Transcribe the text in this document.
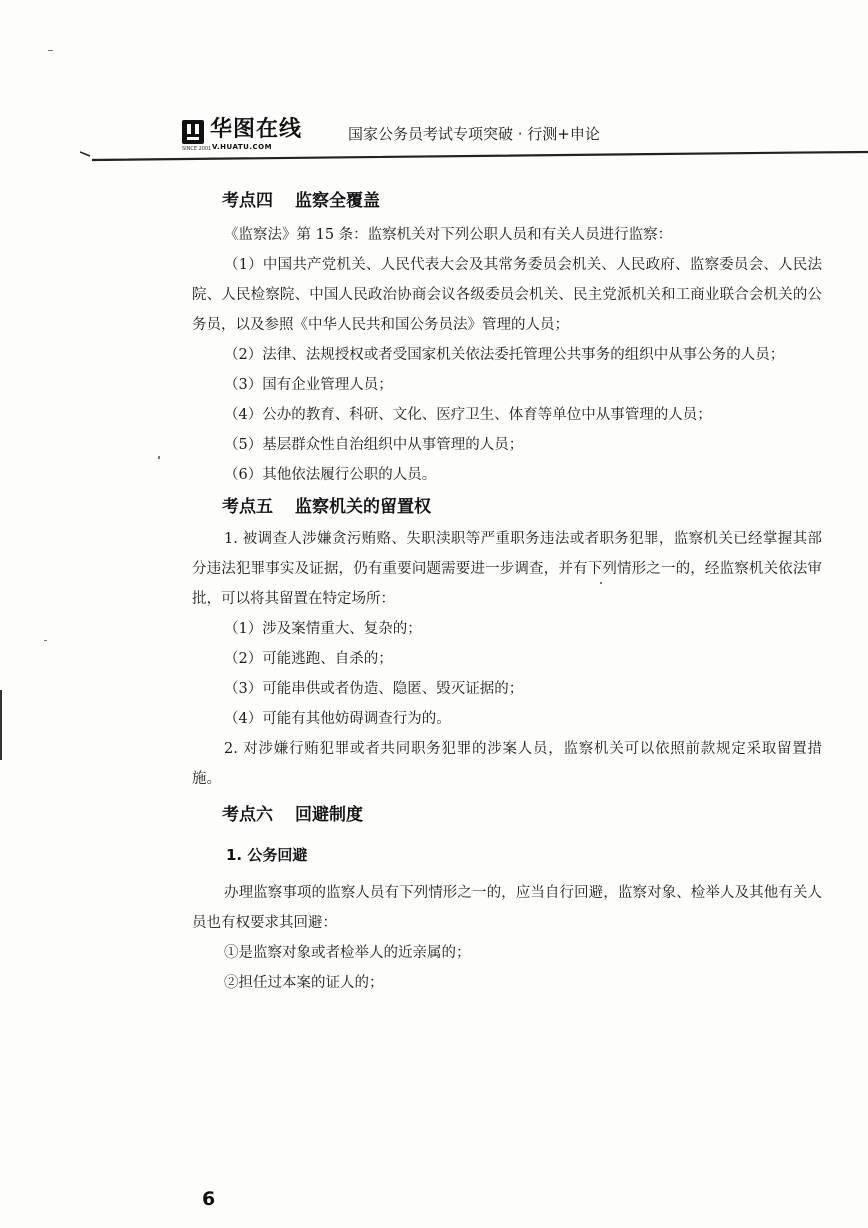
华图在线
V.HUATU.COM
SINCE 2001
国家公务员考试专项突破 · 行测+申论
考点四 监察全覆盖

《监察法》第 15 条：监察机关对下列公职人员和有关人员进行监察：

（1）中国共产党机关、人民代表大会及其常务委员会机关、人民政府、监察委员会、人民法院、人民检察院、中国人民政治协商会议各级委员会机关、民主党派机关和工商业联合会机关的公务员，以及参照《中华人民共和国公务员法》管理的人员；

（2）法律、法规授权或者受国家机关依法委托管理公共事务的组织中从事公务的人员；

（3）国有企业管理人员；

（4）公办的教育、科研、文化、医疗卫生、体育等单位中从事管理的人员；

（5）基层群众性自治组织中从事管理的人员；

（6）其他依法履行公职的人员。

考点五 监察机关的留置权

1. 被调查人涉嫌贪污贿赂、失职渎职等严重职务违法或者职务犯罪，监察机关已经掌握其部分违法犯罪事实及证据，仍有重要问题需要进一步调查，并有下列情形之一的，经监察机关依法审批，可以将其留置在特定场所：

（1）涉及案情重大、复杂的；

（2）可能逃跑、自杀的；

（3）可能串供或者伪造、隐匿、毁灭证据的；

（4）可能有其他妨碍调查行为的。

2. 对涉嫌行贿犯罪或者共同职务犯罪的涉案人员，监察机关可以依照前款规定采取留置措施。

考点六 回避制度
1. 公务回避

办理监察事项的监察人员有下列情形之一的，应当自行回避，监察对象、检举人及其他有关人员也有权要求其回避：

①是监察对象或者检举人的近亲属的；

②担任过本案的证人的；

6
